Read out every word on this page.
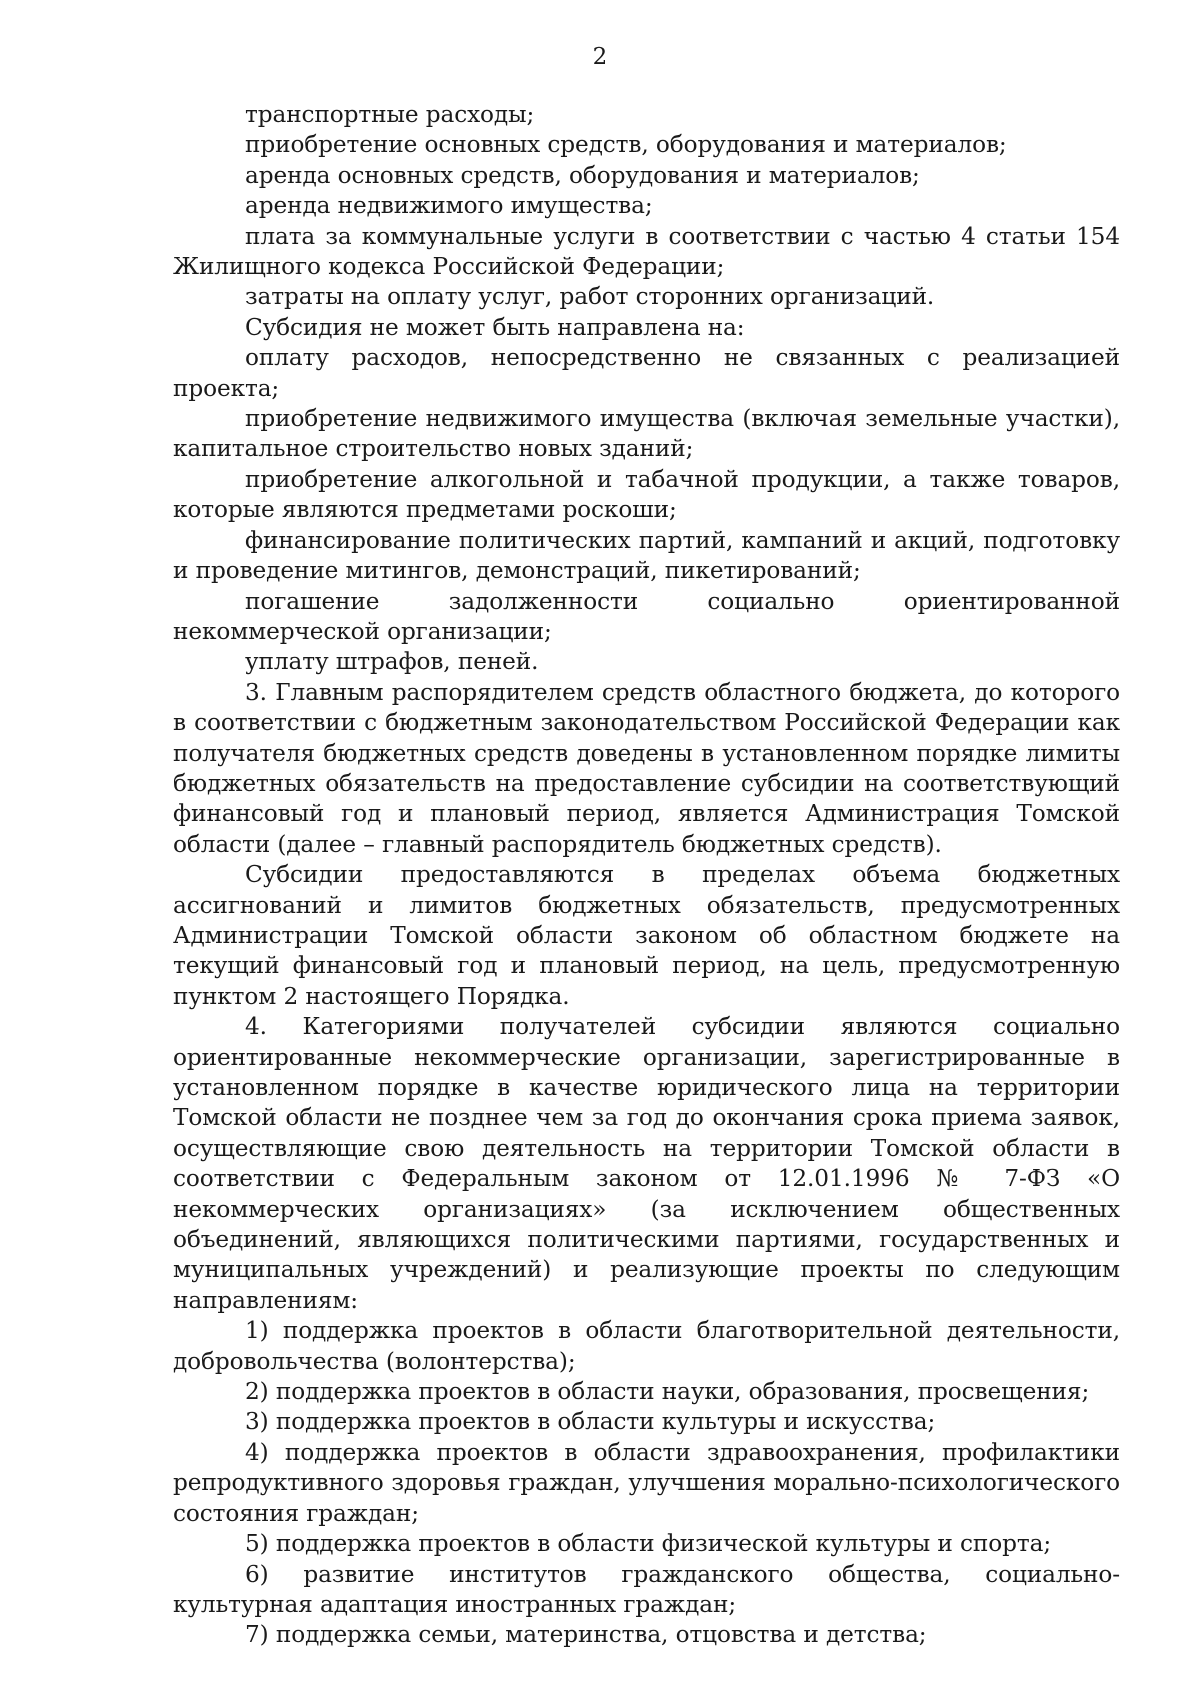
2

транспортные расходы;

приобретение основных средств, оборудования и материалов;

аренда основных средств, оборудования и материалов;

аренда недвижимого имущества;

плата за коммунальные услуги в соответствии с частью 4 статьи 154 Жилищного кодекса Российской Федерации;

затраты на оплату услуг, работ сторонних организаций.

Субсидия не может быть направлена на:

оплату расходов, непосредственно не связанных с реализацией проекта;

приобретение недвижимого имущества (включая земельные участки), капитальное строительство новых зданий;

приобретение алкогольной и табачной продукции, а также товаров, которые являются предметами роскоши;

финансирование политических партий, кампаний и акций, подготовку и проведение митингов, демонстраций, пикетирований;

погашение задолженности социально ориентированной некоммерческой организации;

уплату штрафов, пеней.

3. Главным распорядителем средств областного бюджета, до которого в соответствии с бюджетным законодательством Российской Федерации как получателя бюджетных средств доведены в установленном порядке лимиты бюджетных обязательств на предоставление субсидии на соответствующий финансовый год и плановый период, является Администрация Томской области (далее – главный распорядитель бюджетных средств).

Субсидии предоставляются в пределах объема бюджетных ассигнований и лимитов бюджетных обязательств, предусмотренных Администрации Томской области законом об областном бюджете на текущий финансовый год и плановый период, на цель, предусмотренную пунктом 2 настоящего Порядка.

4. Категориями получателей субсидии являются социально ориентированные некоммерческие организации, зарегистрированные в установленном порядке в качестве юридического лица на территории Томской области не позднее чем за год до окончания срока приема заявок, осуществляющие свою деятельность на территории Томской области в соответствии с Федеральным законом от 12.01.1996 № 7-ФЗ «О некоммерческих организациях» (за исключением общественных объединений, являющихся политическими партиями, государственных и муниципальных учреждений) и реализующие проекты по следующим направлениям:

1) поддержка проектов в области благотворительной деятельности, добровольчества (волонтерства);

2) поддержка проектов в области науки, образования, просвещения;

3) поддержка проектов в области культуры и искусства;

4) поддержка проектов в области здравоохранения, профилактики репродуктивного здоровья граждан, улучшения морально-психологического состояния граждан;

5) поддержка проектов в области физической культуры и спорта;

6) развитие институтов гражданского общества, социально-культурная адаптация иностранных граждан;

7) поддержка семьи, материнства, отцовства и детства;
